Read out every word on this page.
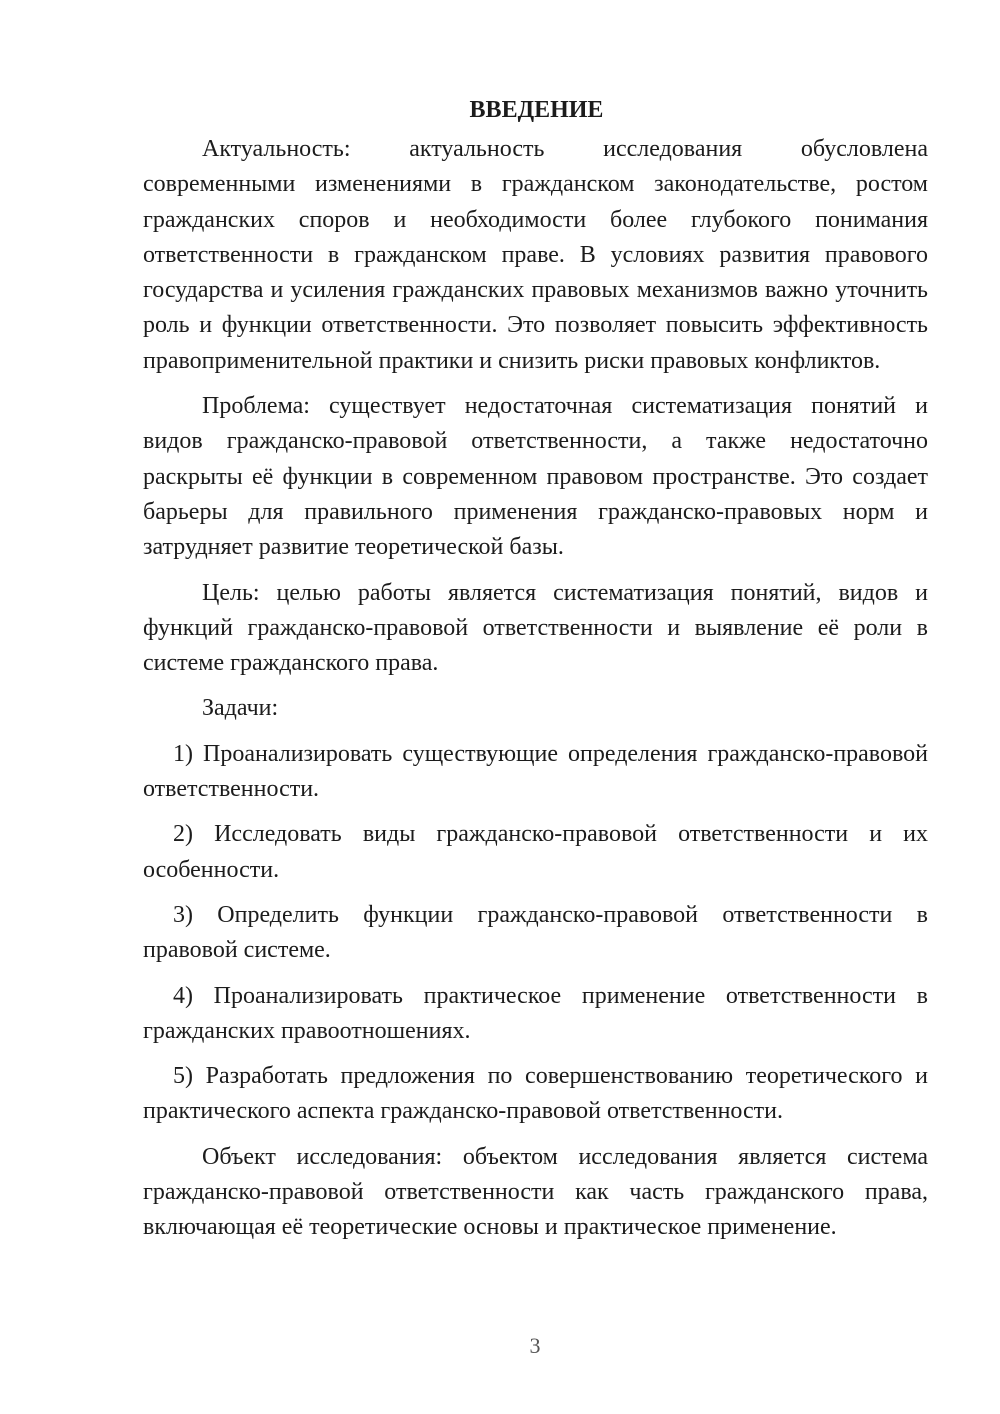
ВВЕДЕНИЕ

Актуальность: актуальность исследования обусловлена современными изменениями в гражданском законодательстве, ростом гражданских споров и необходимости более глубокого понимания ответственности в гражданском праве. В условиях развития правового государства и усиления гражданских правовых механизмов важно уточнить роль и функции ответственности. Это позволяет повысить эффективность правоприменительной практики и снизить риски правовых конфликтов.

Проблема: существует недостаточная систематизация понятий и видов гражданско-правовой ответственности, а также недостаточно раскрыты её функции в современном правовом пространстве. Это создает барьеры для правильного применения гражданско-правовых норм и затрудняет развитие теоретической базы.

Цель: целью работы является систематизация понятий, видов и функций гражданско-правовой ответственности и выявление её роли в системе гражданского права.

Задачи:

1) Проанализировать существующие определения гражданско-правовой ответственности.

2) Исследовать виды гражданско-правовой ответственности и их особенности.

3) Определить функции гражданско-правовой ответственности в правовой системе.

4) Проанализировать практическое применение ответственности в гражданских правоотношениях.

5) Разработать предложения по совершенствованию теоретического и практического аспекта гражданско-правовой ответственности.

Объект исследования: объектом исследования является система гражданско-правовой ответственности как часть гражданского права, включающая её теоретические основы и практическое применение.

3
